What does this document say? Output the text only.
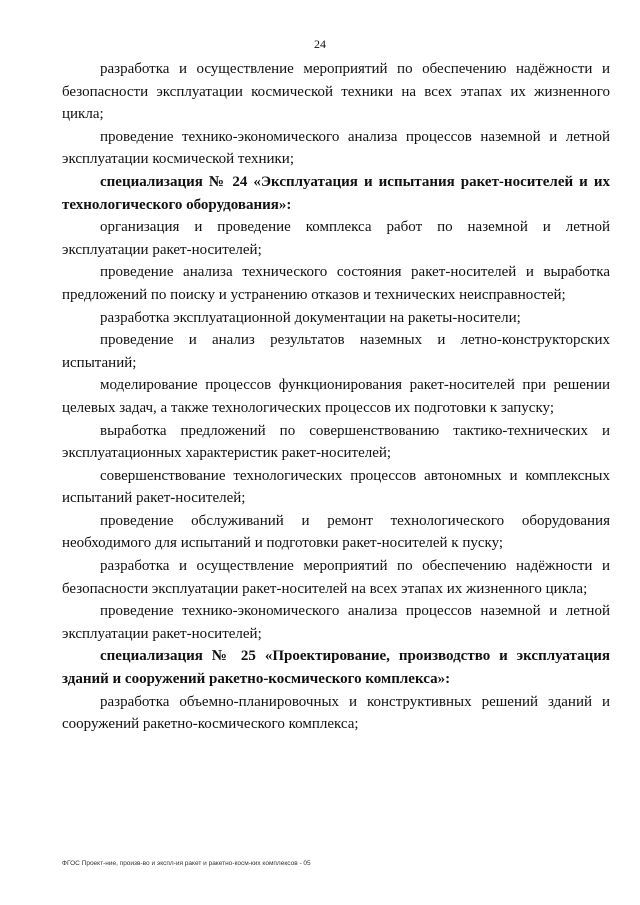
24

разработка и осуществление мероприятий по обеспечению надёжности и безопасности эксплуатации космической техники на всех этапах их жизненного цикла;

проведение технико-экономического анализа процессов наземной и летной эксплуатации космической техники;

специализация № 24 «Эксплуатация и испытания ракет-носителей и их технологического оборудования»:

организация и проведение комплекса работ по наземной и летной эксплуатации ракет-носителей;

проведение анализа технического состояния ракет-носителей и выработка предложений по поиску и устранению отказов и технических неисправностей;

разработка эксплуатационной документации на ракеты-носители;

проведение и анализ результатов наземных и летно-конструкторских испытаний;

моделирование процессов функционирования ракет-носителей при решении целевых задач, а также технологических процессов их подготовки к запуску;

выработка предложений по совершенствованию тактико-технических и эксплуатационных характеристик ракет-носителей;

совершенствование технологических процессов автономных и комплексных испытаний ракет-носителей;

проведение обслуживаний и ремонт технологического оборудования необходимого для испытаний и подготовки ракет-носителей к пуску;

разработка и осуществление мероприятий по обеспечению надёжности и безопасности эксплуатации ракет-носителей на всех этапах их жизненного цикла;

проведение технико-экономического анализа процессов наземной и летной эксплуатации ракет-носителей;

специализация № 25 «Проектирование, производство и эксплуатация зданий и сооружений ракетно-космического комплекса»:

разработка объемно-планировочных и конструктивных решений зданий и сооружений ракетно-космического комплекса;

ФГОС Проект-ние, произв-во и экспл-ия ракет и ракетно-косм-ких комплексов - 05
